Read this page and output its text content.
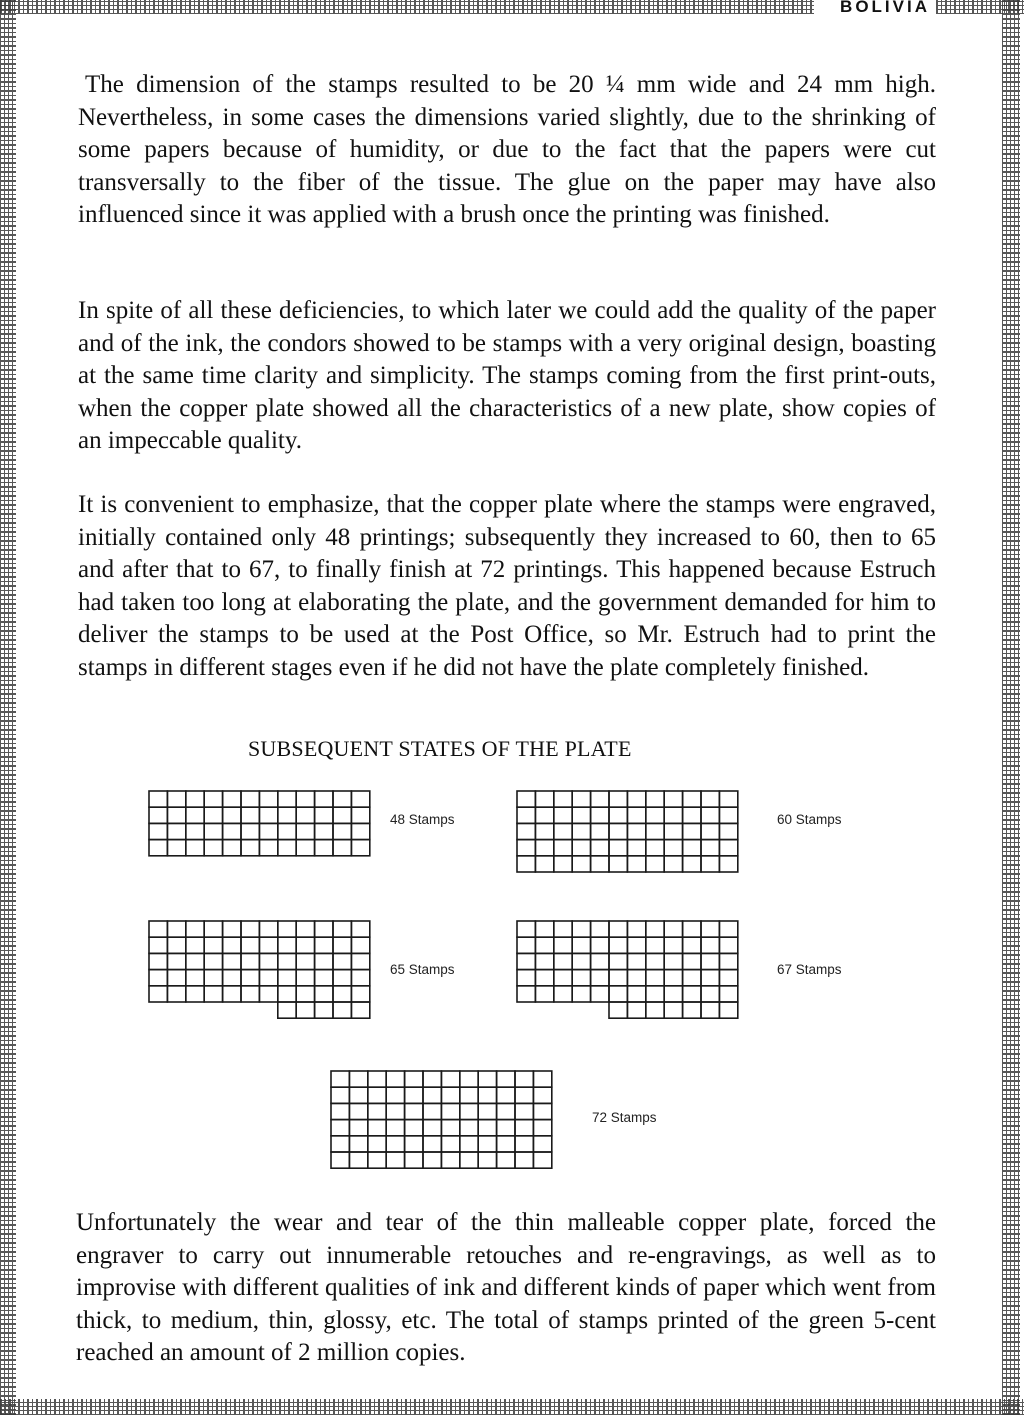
BOLIVIA

The dimension of the stamps resulted to be 20 ¼ mm wide and 24 mm high. Nevertheless, in some cases the dimensions varied slightly, due to the shrinking of some papers because of humidity, or due to the fact that the papers were cut transversally to the fiber of the tissue. The glue on the paper may have also influenced since it was applied with a brush once the printing was finished.

In spite of all these deficiencies, to which later we could add the quality of the paper and of the ink, the condors showed to be stamps with a very original design, boasting at the same time clarity and simplicity. The stamps coming from the first print-outs, when the copper plate showed all the characteristics of a new plate, show copies of an impeccable quality.

It is convenient to emphasize, that the copper plate where the stamps were engraved, initially contained only 48 printings; subsequently they increased to 60, then to 65 and after that to 67, to finally finish at 72 printings. This happened because Estruch had taken too long at elaborating the plate, and the government demanded for him to deliver the stamps to be used at the Post Office, so Mr. Estruch had to print the stamps in different stages even if he did not have the plate completely finished.

SUBSEQUENT STATES OF THE PLATE
48 Stamps	60 Stamps
65 Stamps	67 Stamps
72 Stamps

Unfortunately the wear and tear of the thin malleable copper plate, forced the engraver to carry out innumerable retouches and re-engravings, as well as to improvise with different qualities of ink and different kinds of paper which went from thick, to medium, thin, glossy, etc. The total of stamps printed of the green 5-cent reached an amount of 2 million copies.
